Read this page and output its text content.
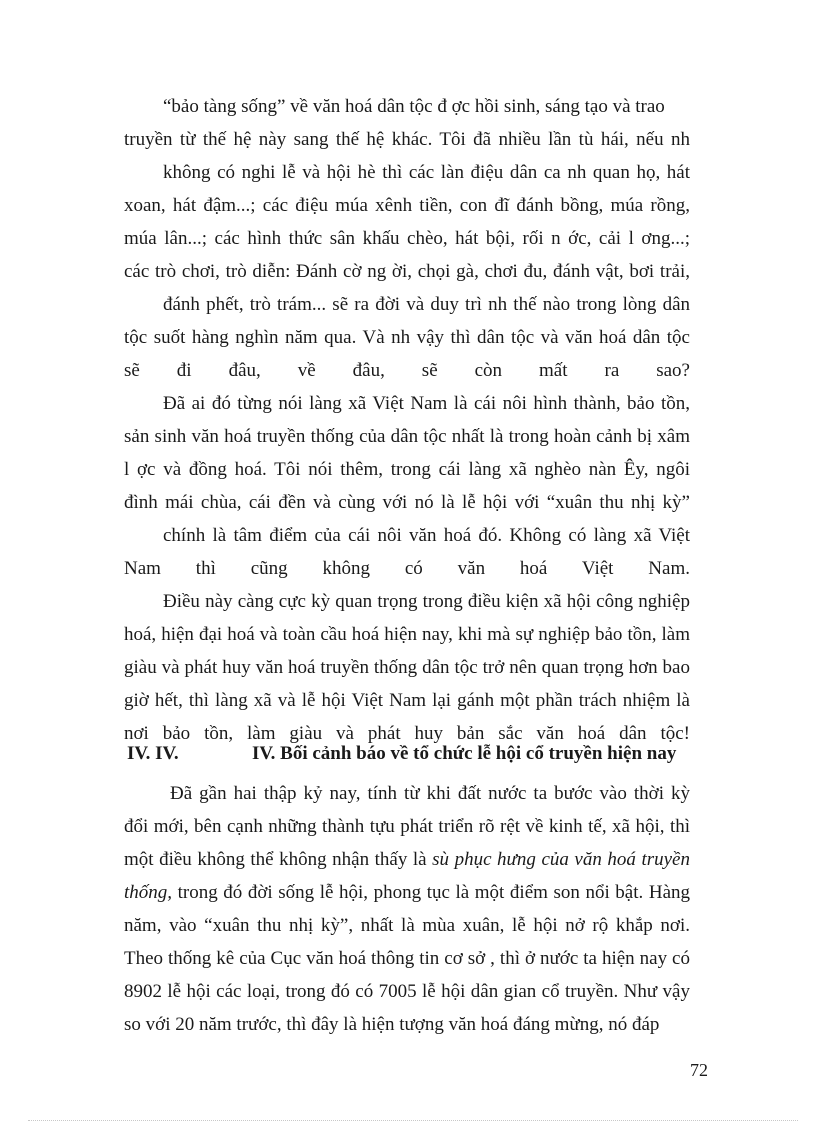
“bảo tàng sống” về văn hoá dân tộc đ ợc hồi sinh, sáng tạo và trao
truyền từ thế hệ này sang thế hệ khác. Tôi đã nhiều lần tù hái, nếu nh
không có nghi lễ và hội hè thì các làn điệu dân ca nh quan họ, hát
xoan, hát đậm...; các điệu múa xênh tiền, con đĩ đánh bồng, múa rồng,
múa lân...; các hình thức sân khấu chèo, hát bội, rối n ớc, cải l ơng...;
các trò chơi, trò diễn: Đánh cờ ng ời, chọi gà, chơi đu, đánh vật, bơi trải,
đánh phết, trò trám... sẽ ra đời và duy trì nh thế nào trong lòng dân
tộc suốt hàng nghìn năm qua. Và nh vậy thì dân tộc và văn hoá dân tộc
sẽ đi đâu, về đâu, sẽ còn mất ra sao?
Đã ai đó từng nói làng xã Việt Nam là cái nôi hình thành, bảo tồn,
sản sinh văn hoá truyền thống của dân tộc nhất là trong hoàn cảnh bị xâm
l ợc và đồng hoá. Tôi nói thêm, trong cái làng xã nghèo nàn Êy, ngôi
đình mái chùa, cái đền và cùng với nó là lễ hội với “xuân thu nhị kỳ”
chính là tâm điểm của cái nôi văn hoá đó. Không có làng xã Việt
Nam thì cũng không có văn hoá Việt Nam.
Điều này càng cực kỳ quan trọng trong điều kiện xã hội công nghiệp
hoá, hiện đại hoá và toàn cầu hoá hiện nay, khi mà sự nghiệp bảo tồn, làm
giàu và phát huy văn hoá truyền thống dân tộc trở nên quan trọng hơn bao
giờ hết, thì làng xã và lễ hội Việt Nam lại gánh một phần trách nhiệm là
nơi bảo tồn, làm giàu và phát huy bản sắc văn hoá dân tộc!
IV. IV.	IV. Bối cảnh báo về tổ chức lễ hội cổ truyền hiện nay
Đã gần hai thập kỷ nay, tính từ khi đất nước ta bước vào thời kỳ
đổi mới, bên cạnh những thành tựu phát triển rõ rệt về kinh tế, xã hội, thì
một điều không thể không nhận thấy là sù phục hưng của văn hoá truyền
thống, trong đó đời sống lễ hội, phong tục là một điểm son nổi bật. Hàng
năm, vào “xuân thu nhị kỳ”, nhất là mùa xuân, lễ hội nở rộ khắp nơi.
Theo thống kê của Cục văn hoá thông tin cơ sở , thì ở nước ta hiện nay có
8902 lễ hội các loại, trong đó có 7005 lễ hội dân gian cổ truyền. Như vậy
so với 20 năm trước, thì đây là hiện tượng văn hoá đáng mừng, nó đáp
72
